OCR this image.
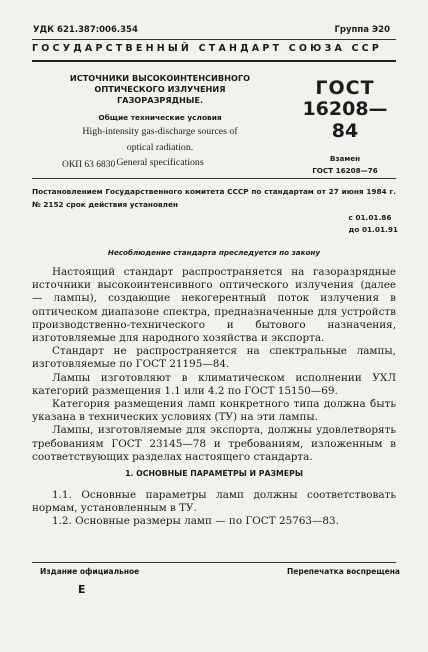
УДК 621.387:006.354	Группа Э20
ГОСУДАРСТВЕННЫЙ СТАНДАРТ СОЮЗА ССР
ИСТОЧНИКИ ВЫСОКОИНТЕНСИВНОГО
ОПТИЧЕСКОГО ИЗЛУЧЕНИЯ ГАЗОРАЗРЯДНЫЕ.
Общие технические условия
High-intensity gas-discharge sources of
optical radiation.
General specifications
ГОСТ
16208—84
Взамен
ГОСТ 16208—76
ОКП 63 6830
Постановлением Государственного комитета СССР по стандартам от 27 июня 1984 г. № 2152 срок действия установлен
с 01.01.86
до 01.01.91
Несоблюдение стандарта преследуется по закону

Настоящий стандарт распространяется на газоразрядные источники высокоинтенсивного оптического излучения (далее — лампы), создающие некогерентный поток излучения в оптическом диапазоне спектра, предназначенные для устройств производственно-технического и бытового назначения, изготовляемые для народного хозяйства и экспорта.

Стандарт не распространяется на спектральные лампы, изготовляемые по ГОСТ 21195—84.

Лампы изготовляют в климатическом исполнении УХЛ категорий размещения 1.1 или 4.2 по ГОСТ 15150—69.

Категория размещения ламп конкретного типа должна быть указана в технических условиях (ТУ) на эти лампы.

Лампы, изготовляемые для экспорта, должны удовлетворять требованиям ГОСТ 23145—78 и требованиям, изложенным в соответствующих разделах настоящего стандарта.

1. ОСНОВНЫЕ ПАРАМЕТРЫ И РАЗМЕРЫ

1.1. Основные параметры ламп должны соответствовать нормам, установленным в ТУ.

1.2. Основные размеры ламп — по ГОСТ 25763—83.

Издание официальное	Перепечатка воспрещена
E
